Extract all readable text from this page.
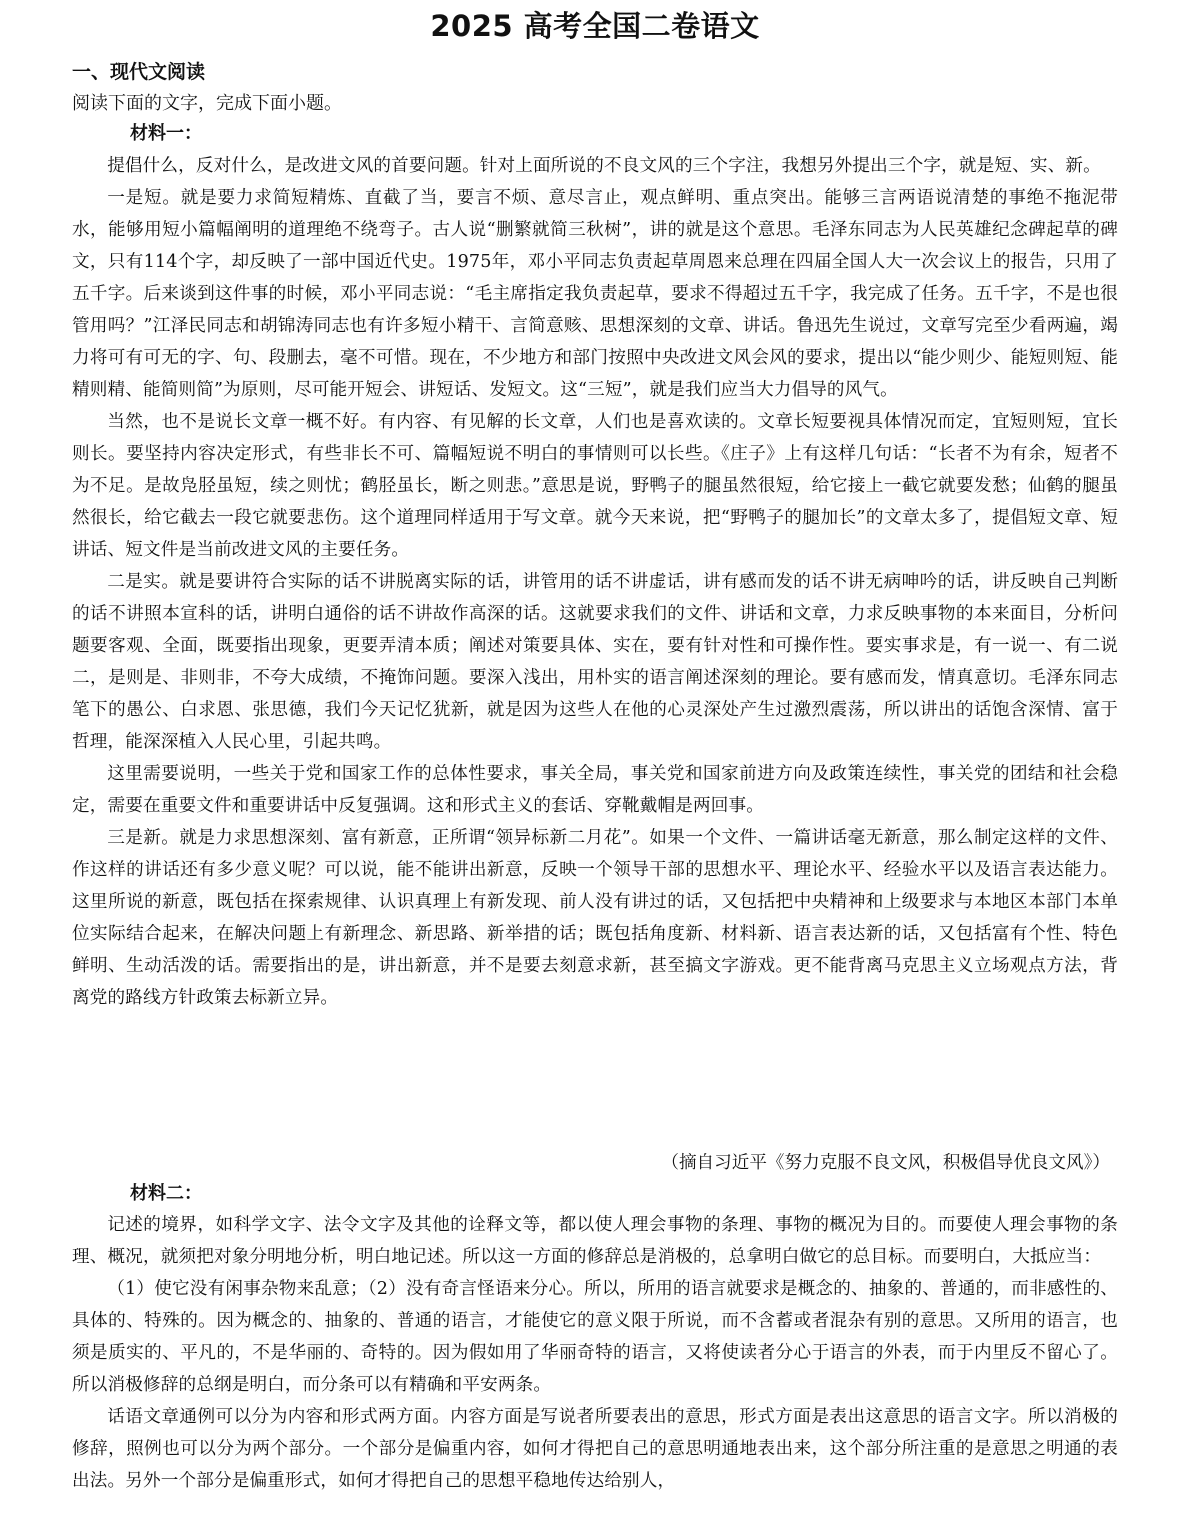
2025 高考全国二卷语文
一、现代文阅读
阅读下面的文字，完成下面小题。
材料一：

提倡什么，反对什么，是改进文风的首要问题。针对上面所说的不良文风的三个字注，我想另外提出三个字，就是短、实、新。

一是短。就是要力求简短精炼、直截了当，要言不烦、意尽言止，观点鲜明、重点突出。能够三言两语说清楚的事绝不拖泥带水，能够用短小篇幅阐明的道理绝不绕弯子。古人说“删繁就简三秋树”，讲的就是这个意思。毛泽东同志为人民英雄纪念碑起草的碑文，只有114个字，却反映了一部中国近代史。1975年，邓小平同志负责起草周恩来总理在四届全国人大一次会议上的报告，只用了五千字。后来谈到这件事的时候，邓小平同志说：“毛主席指定我负责起草，要求不得超过五千字，我完成了任务。五千字，不是也很管用吗？”江泽民同志和胡锦涛同志也有许多短小精干、言简意赅、思想深刻的文章、讲话。鲁迅先生说过，文章写完至少看两遍，竭力将可有可无的字、句、段删去，毫不可惜。现在，不少地方和部门按照中央改进文风会风的要求，提出以“能少则少、能短则短、能精则精、能简则简”为原则，尽可能开短会、讲短话、发短文。这“三短”，就是我们应当大力倡导的风气。

当然，也不是说长文章一概不好。有内容、有见解的长文章，人们也是喜欢读的。文章长短要视具体情况而定，宜短则短，宜长则长。要坚持内容决定形式，有些非长不可、篇幅短说不明白的事情则可以长些。《庄子》上有这样几句话：“长者不为有余，短者不为不足。是故凫胫虽短，续之则忧；鹤胫虽长，断之则悲。”意思是说，野鸭子的腿虽然很短，给它接上一截它就要发愁；仙鹤的腿虽然很长，给它截去一段它就要悲伤。这个道理同样适用于写文章。就今天来说，把“野鸭子的腿加长”的文章太多了，提倡短文章、短讲话、短文件是当前改进文风的主要任务。

二是实。就是要讲符合实际的话不讲脱离实际的话，讲管用的话不讲虚话，讲有感而发的话不讲无病呻吟的话，讲反映自己判断的话不讲照本宣科的话，讲明白通俗的话不讲故作高深的话。这就要求我们的文件、讲话和文章，力求反映事物的本来面目，分析问题要客观、全面，既要指出现象，更要弄清本质；阐述对策要具体、实在，要有针对性和可操作性。要实事求是，有一说一、有二说二，是则是、非则非，不夸大成绩，不掩饰问题。要深入浅出，用朴实的语言阐述深刻的理论。要有感而发，情真意切。毛泽东同志笔下的愚公、白求恩、张思德，我们今天记忆犹新，就是因为这些人在他的心灵深处产生过激烈震荡，所以讲出的话饱含深情、富于哲理，能深深植入人民心里，引起共鸣。

这里需要说明，一些关于党和国家工作的总体性要求，事关全局，事关党和国家前进方向及政策连续性，事关党的团结和社会稳定，需要在重要文件和重要讲话中反复强调。这和形式主义的套话、穿靴戴帽是两回事。

三是新。就是力求思想深刻、富有新意，正所谓“领异标新二月花”。如果一个文件、一篇讲话毫无新意，那么制定这样的文件、作这样的讲话还有多少意义呢？可以说，能不能讲出新意，反映一个领导干部的思想水平、理论水平、经验水平以及语言表达能力。这里所说的新意，既包括在探索规律、认识真理上有新发现、前人没有讲过的话，又包括把中央精神和上级要求与本地区本部门本单位实际结合起来，在解决问题上有新理念、新思路、新举措的话；既包括角度新、材料新、语言表达新的话，又包括富有个性、特色鲜明、生动活泼的话。需要指出的是，讲出新意，并不是要去刻意求新，甚至搞文字游戏。更不能背离马克思主义立场观点方法，背离党的路线方针政策去标新立异。

（摘自习近平《努力克服不良文风，积极倡导优良文风》）
材料二：

记述的境界，如科学文字、法令文字及其他的诠释文等，都以使人理会事物的条理、事物的概况为目的。而要使人理会事物的条理、概况，就须把对象分明地分析，明白地记述。所以这一方面的修辞总是消极的，总拿明白做它的总目标。而要明白，大抵应当：

（1）使它没有闲事杂物来乱意；（2）没有奇言怪语来分心。所以，所用的语言就要求是概念的、抽象的、普通的，而非感性的、具体的、特殊的。因为概念的、抽象的、普通的语言，才能使它的意义限于所说，而不含蓄或者混杂有别的意思。又所用的语言，也须是质实的、平凡的，不是华丽的、奇特的。因为假如用了华丽奇特的语言，又将使读者分心于语言的外表，而于内里反不留心了。所以消极修辞的总纲是明白，而分条可以有精确和平安两条。

话语文章通例可以分为内容和形式两方面。内容方面是写说者所要表出的意思，形式方面是表出这意思的语言文字。所以消极的修辞，照例也可以分为两个部分。一个部分是偏重内容，如何才得把自己的意思明通地表出来，这个部分所注重的是意思之明通的表出法。另外一个部分是偏重形式，如何才得把自己的思想平稳地传达给别人，
